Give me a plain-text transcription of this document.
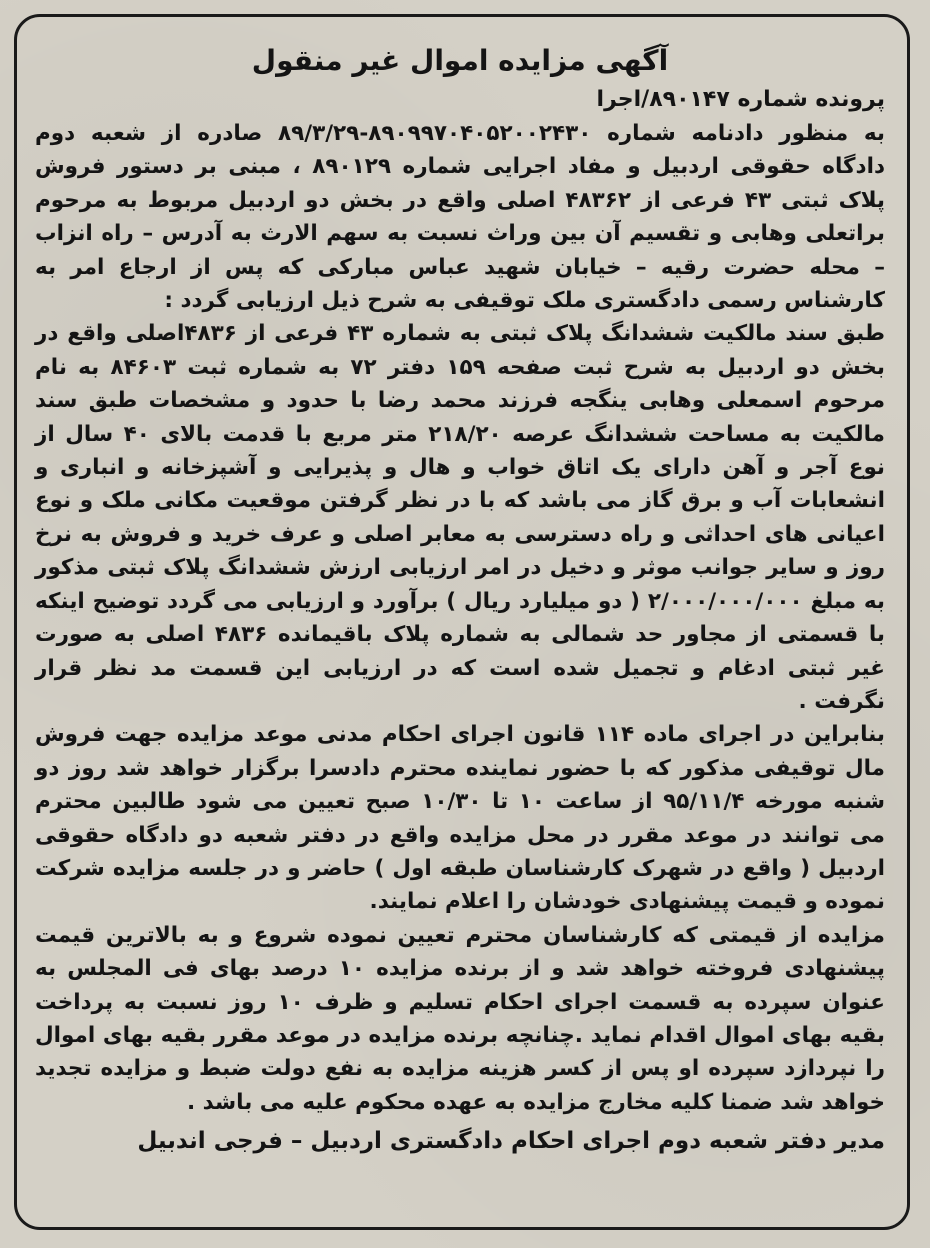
آگهی مزایده اموال غیر منقول

پرونده شماره ۸۹۰۱۴۷/اجرا

به منظور دادنامه شماره ۸۹۰۹۹۷۰۴۰۵۲۰۰۲۴۳۰-۸۹/۳/۲۹ صادره از شعبه دوم دادگاه حقوقی اردبیل و مفاد اجرایی شماره ۸۹۰۱۲۹ ، مبنی بر دستور فروش پلاک ثبتی ۴۳ فرعی از ۴۸۳۶۲ اصلی واقع در بخش دو اردبیل مربوط به مرحوم براتعلی وهابی و تقسیم آن بین وراث نسبت به سهم الارث به آدرس – راه انزاب – محله حضرت رقیه – خیابان شهید عباس مبارکی که پس از ارجاع امر به کارشناس رسمی دادگستری ملک توقیفی به شرح ذیل ارزیابی گردد :

طبق سند مالکیت ششدانگ پلاک ثبتی به شماره ۴۳ فرعی از ۴۸۳۶اصلی واقع در بخش دو اردبیل به شرح ثبت صفحه ۱۵۹ دفتر ۷۲ به شماره ثبت ۸۴۶۰۳ به نام مرحوم اسمعلی وهابی ینگجه فرزند محمد رضا با حدود و مشخصات طبق سند مالکیت به مساحت ششدانگ عرصه ۲۱۸/۲۰ متر مربع با قدمت بالای ۴۰ سال از نوع آجر و آهن دارای یک اتاق خواب و هال و پذیرایی و آشپزخانه و انباری و انشعابات آب و برق گاز می باشد که با در نظر گرفتن موقعیت مکانی ملک و نوع اعیانی های احداثی و راه دسترسی به معابر اصلی و عرف خرید و فروش به نرخ روز و سایر جوانب موثر و دخیل در امر ارزیابی ارزش ششدانگ پلاک ثبتی مذکور به مبلغ ۲/۰۰۰/۰۰۰/۰۰۰ ( دو میلیارد ریال ) برآورد و ارزیابی می گردد توضیح اینکه با قسمتی از مجاور حد شمالی به شماره پلاک باقیمانده ۴۸۳۶ اصلی به صورت غیر ثبتی ادغام و تجمیل شده است که در ارزیابی این قسمت مد نظر قرار نگرفت .

بنابراین در اجرای ماده ۱۱۴ قانون اجرای احکام مدنی موعد مزایده جهت فروش مال توقیفی مذکور که با حضور نماینده محترم دادسرا برگزار خواهد شد روز دو شنبه مورخه ۹۵/۱۱/۴ از ساعت ۱۰ تا ۱۰/۳۰ صبح تعیین می شود طالبین محترم می توانند در موعد مقرر در محل مزایده واقع در دفتر شعبه دو دادگاه حقوقی اردبیل ( واقع در شهرک کارشناسان طبقه اول ) حاضر و در جلسه مزایده شرکت نموده و قیمت پیشنهادی خودشان را اعلام نمایند.

مزایده از قیمتی که کارشناسان محترم تعیین نموده شروع و به بالاترین قیمت پیشنهادی فروخته خواهد شد و از برنده مزایده ۱۰ درصد بهای فی المجلس به عنوان سپرده به قسمت اجرای احکام تسلیم و ظرف ۱۰ روز نسبت به پرداخت بقیه بهای اموال اقدام نماید .چنانچه برنده مزایده در موعد مقرر بقیه بهای اموال را نپردازد سپرده او پس از کسر هزینه مزایده به نفع دولت ضبط و مزایده تجدید خواهد شد ضمنا کلیه مخارج مزایده به عهده محکوم علیه می باشد .

مدیر دفتر شعبه دوم اجرای احکام دادگستری اردبیل – فرجی اندبیل
